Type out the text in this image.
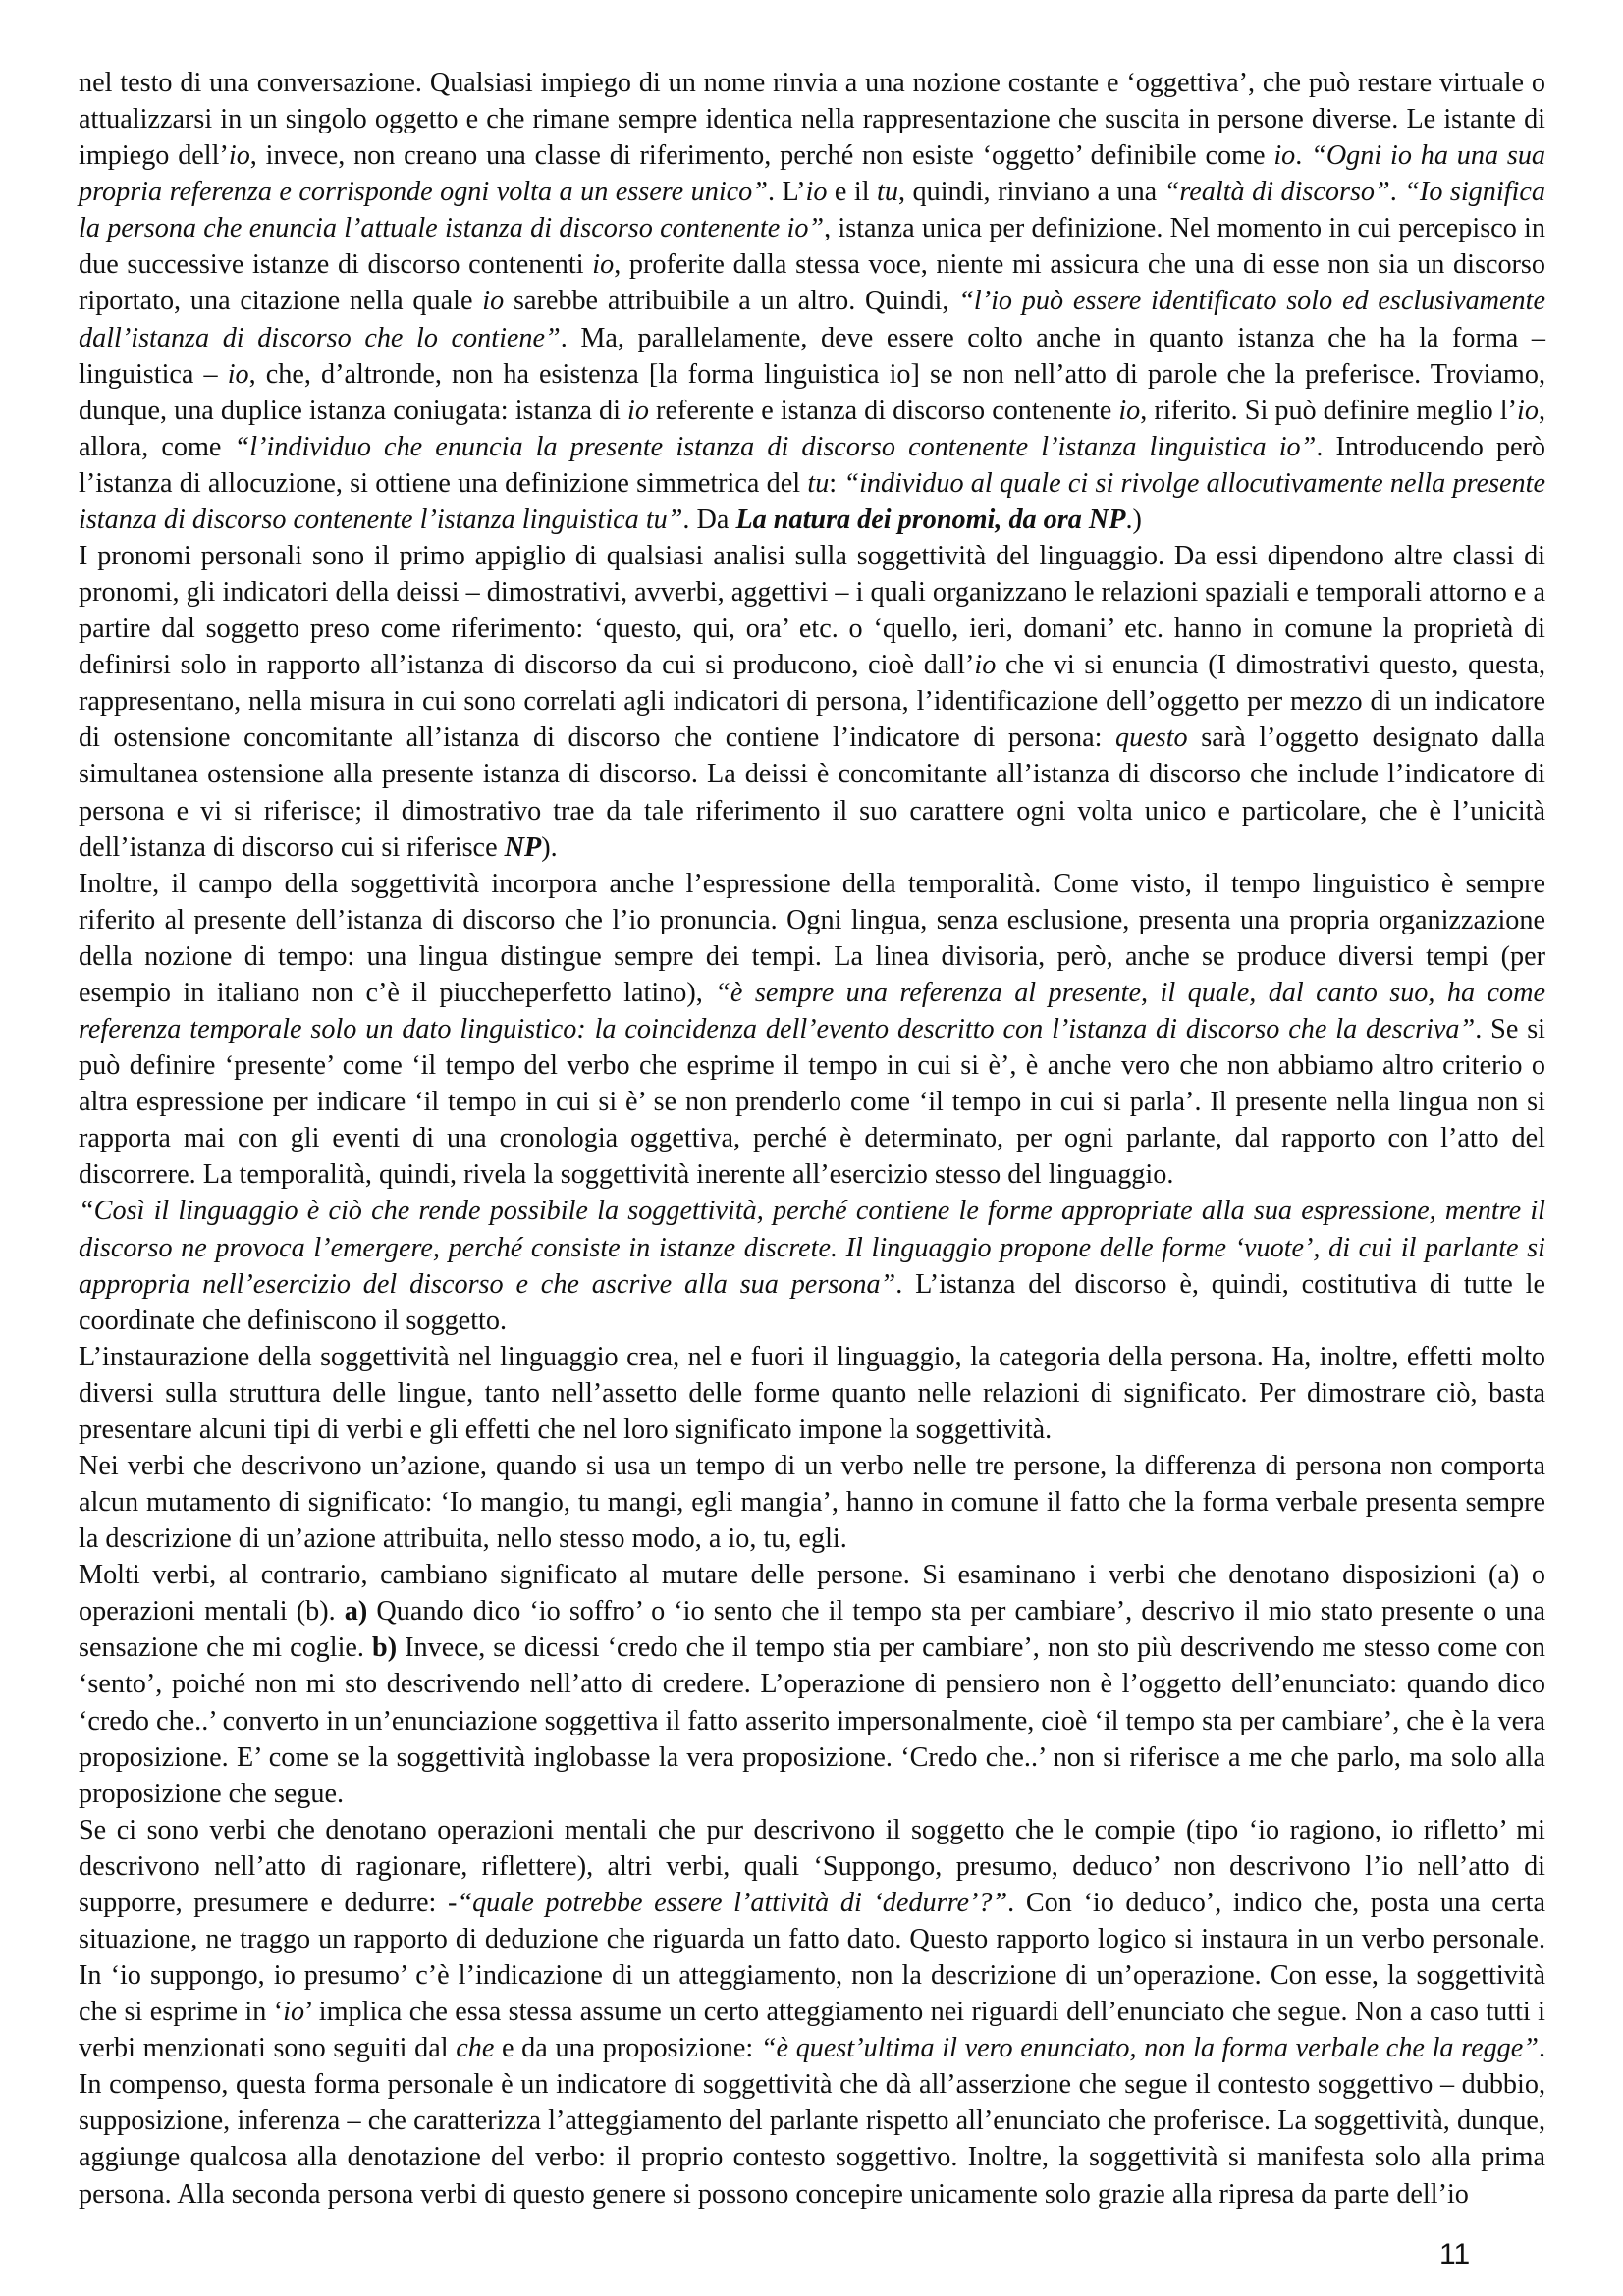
nel testo di una conversazione. Qualsiasi impiego di un nome rinvia a una nozione costante e ‘oggettiva’, che può restare virtuale o attualizzarsi in un singolo oggetto e che rimane sempre identica nella rappresentazione che suscita in persone diverse. Le istante di impiego dell’io, invece, non creano una classe di riferimento, perché non esiste ‘oggetto’ definibile come io. “Ogni io ha una sua propria referenza e corrisponde ogni volta a un essere unico”. L’io e il tu, quindi, rinviano a una “realtà di discorso”. “Io significa la persona che enuncia l’attuale istanza di discorso contenente io”, istanza unica per definizione. Nel momento in cui percepisco in due successive istanze di discorso contenenti io, proferite dalla stessa voce, niente mi assicura che una di esse non sia un discorso riportato, una citazione nella quale io sarebbe attribuibile a un altro. Quindi, “l’io può essere identificato solo ed esclusivamente dall’istanza di discorso che lo contiene”. Ma, parallelamente, deve essere colto anche in quanto istanza che ha la forma – linguistica – io, che, d’altronde, non ha esistenza [la forma linguistica io] se non nell’atto di parole che la preferisce. Troviamo, dunque, una duplice istanza coniugata: istanza di io referente e istanza di discorso contenente io, riferito. Si può definire meglio l’io, allora, come “l’individuo che enuncia la presente istanza di discorso contenente l’istanza linguistica io”. Introducendo però l’istanza di allocuzione, si ottiene una definizione simmetrica del tu: “individuo al quale ci si rivolge allocutivamente nella presente istanza di discorso contenente l’istanza linguistica tu”. Da La natura dei pronomi, da ora NP.)

I pronomi personali sono il primo appiglio di qualsiasi analisi sulla soggettività del linguaggio. Da essi dipendono altre classi di pronomi, gli indicatori della deissi – dimostrativi, avverbi, aggettivi – i quali organizzano le relazioni spaziali e temporali attorno e a partire dal soggetto preso come riferimento: ‘questo, qui, ora’ etc. o ‘quello, ieri, domani’ etc. hanno in comune la proprietà di definirsi solo in rapporto all’istanza di discorso da cui si producono, cioè dall’io che vi si enuncia (I dimostrativi questo, questa, rappresentano, nella misura in cui sono correlati agli indicatori di persona, l’identificazione dell’oggetto per mezzo di un indicatore di ostensione concomitante all’istanza di discorso che contiene l’indicatore di persona: questo sarà l’oggetto designato dalla simultanea ostensione alla presente istanza di discorso. La deissi è concomitante all’istanza di discorso che include l’indicatore di persona e vi si riferisce; il dimostrativo trae da tale riferimento il suo carattere ogni volta unico e particolare, che è l’unicità dell’istanza di discorso cui si riferisce NP).

Inoltre, il campo della soggettività incorpora anche l’espressione della temporalità. Come visto, il tempo linguistico è sempre riferito al presente dell’istanza di discorso che l’io pronuncia. Ogni lingua, senza esclusione, presenta una propria organizzazione della nozione di tempo: una lingua distingue sempre dei tempi. La linea divisoria, però, anche se produce diversi tempi (per esempio in italiano non c’è il piuccheperfetto latino), “è sempre una referenza al presente, il quale, dal canto suo, ha come referenza temporale solo un dato linguistico: la coincidenza dell’evento descritto con l’istanza di discorso che la descriva”. Se si può definire ‘presente’ come ‘il tempo del verbo che esprime il tempo in cui si è’, è anche vero che non abbiamo altro criterio o altra espressione per indicare ‘il tempo in cui si è’ se non prenderlo come ‘il tempo in cui si parla’. Il presente nella lingua non si rapporta mai con gli eventi di una cronologia oggettiva, perché è determinato, per ogni parlante, dal rapporto con l’atto del discorrere. La temporalità, quindi, rivela la soggettività inerente all’esercizio stesso del linguaggio.

“Così il linguaggio è ciò che rende possibile la soggettività, perché contiene le forme appropriate alla sua espressione, mentre il discorso ne provoca l’emergere, perché consiste in istanze discrete. Il linguaggio propone delle forme ‘vuote’, di cui il parlante si appropria nell’esercizio del discorso e che ascrive alla sua persona”. L’istanza del discorso è, quindi, costitutiva di tutte le coordinate che definiscono il soggetto.

L’instaurazione della soggettività nel linguaggio crea, nel e fuori il linguaggio, la categoria della persona. Ha, inoltre, effetti molto diversi sulla struttura delle lingue, tanto nell’assetto delle forme quanto nelle relazioni di significato. Per dimostrare ciò, basta presentare alcuni tipi di verbi e gli effetti che nel loro significato impone la soggettività.

Nei verbi che descrivono un’azione, quando si usa un tempo di un verbo nelle tre persone, la differenza di persona non comporta alcun mutamento di significato: ‘Io mangio, tu mangi, egli mangia’, hanno in comune il fatto che la forma verbale presenta sempre la descrizione di un’azione attribuita, nello stesso modo, a io, tu, egli.

Molti verbi, al contrario, cambiano significato al mutare delle persone. Si esaminano i verbi che denotano disposizioni (a) o operazioni mentali (b). a) Quando dico ‘io soffro’ o ‘io sento che il tempo sta per cambiare’, descrivo il mio stato presente o una sensazione che mi coglie. b) Invece, se dicessi ‘credo che il tempo stia per cambiare’, non sto più descrivendo me stesso come con ‘sento’, poiché non mi sto descrivendo nell’atto di credere. L’operazione di pensiero non è l’oggetto dell’enunciato: quando dico ‘credo che..’ converto in un’enunciazione soggettiva il fatto asserito impersonalmente, cioè ‘il tempo sta per cambiare’, che è la vera proposizione. E’ come se la soggettività inglobasse la vera proposizione. ‘Credo che..’ non si riferisce a me che parlo, ma solo alla proposizione che segue.

Se ci sono verbi che denotano operazioni mentali che pur descrivono il soggetto che le compie (tipo ‘io ragiono, io rifletto’ mi descrivono nell’atto di ragionare, riflettere), altri verbi, quali ‘Suppongo, presumo, deduco’ non descrivono l’io nell’atto di supporre, presumere e dedurre: -“quale potrebbe essere l’attività di ‘dedurre’?”. Con ‘io deduco’, indico che, posta una certa situazione, ne traggo un rapporto di deduzione che riguarda un fatto dato. Questo rapporto logico si instaura in un verbo personale. In ‘io suppongo, io presumo’ c’è l’indicazione di un atteggiamento, non la descrizione di un’operazione. Con esse, la soggettività che si esprime in ‘io’ implica che essa stessa assume un certo atteggiamento nei riguardi dell’enunciato che segue. Non a caso tutti i verbi menzionati sono seguiti dal che e da una proposizione: “è quest’ultima il vero enunciato, non la forma verbale che la regge”. In compenso, questa forma personale è un indicatore di soggettività che dà all’asserzione che segue il contesto soggettivo – dubbio, supposizione, inferenza – che caratterizza l’atteggiamento del parlante rispetto all’enunciato che proferisce. La soggettività, dunque, aggiunge qualcosa alla denotazione del verbo: il proprio contesto soggettivo. Inoltre, la soggettività si manifesta solo alla prima persona. Alla seconda persona verbi di questo genere si possono concepire unicamente solo grazie alla ripresa da parte dell’io

11
